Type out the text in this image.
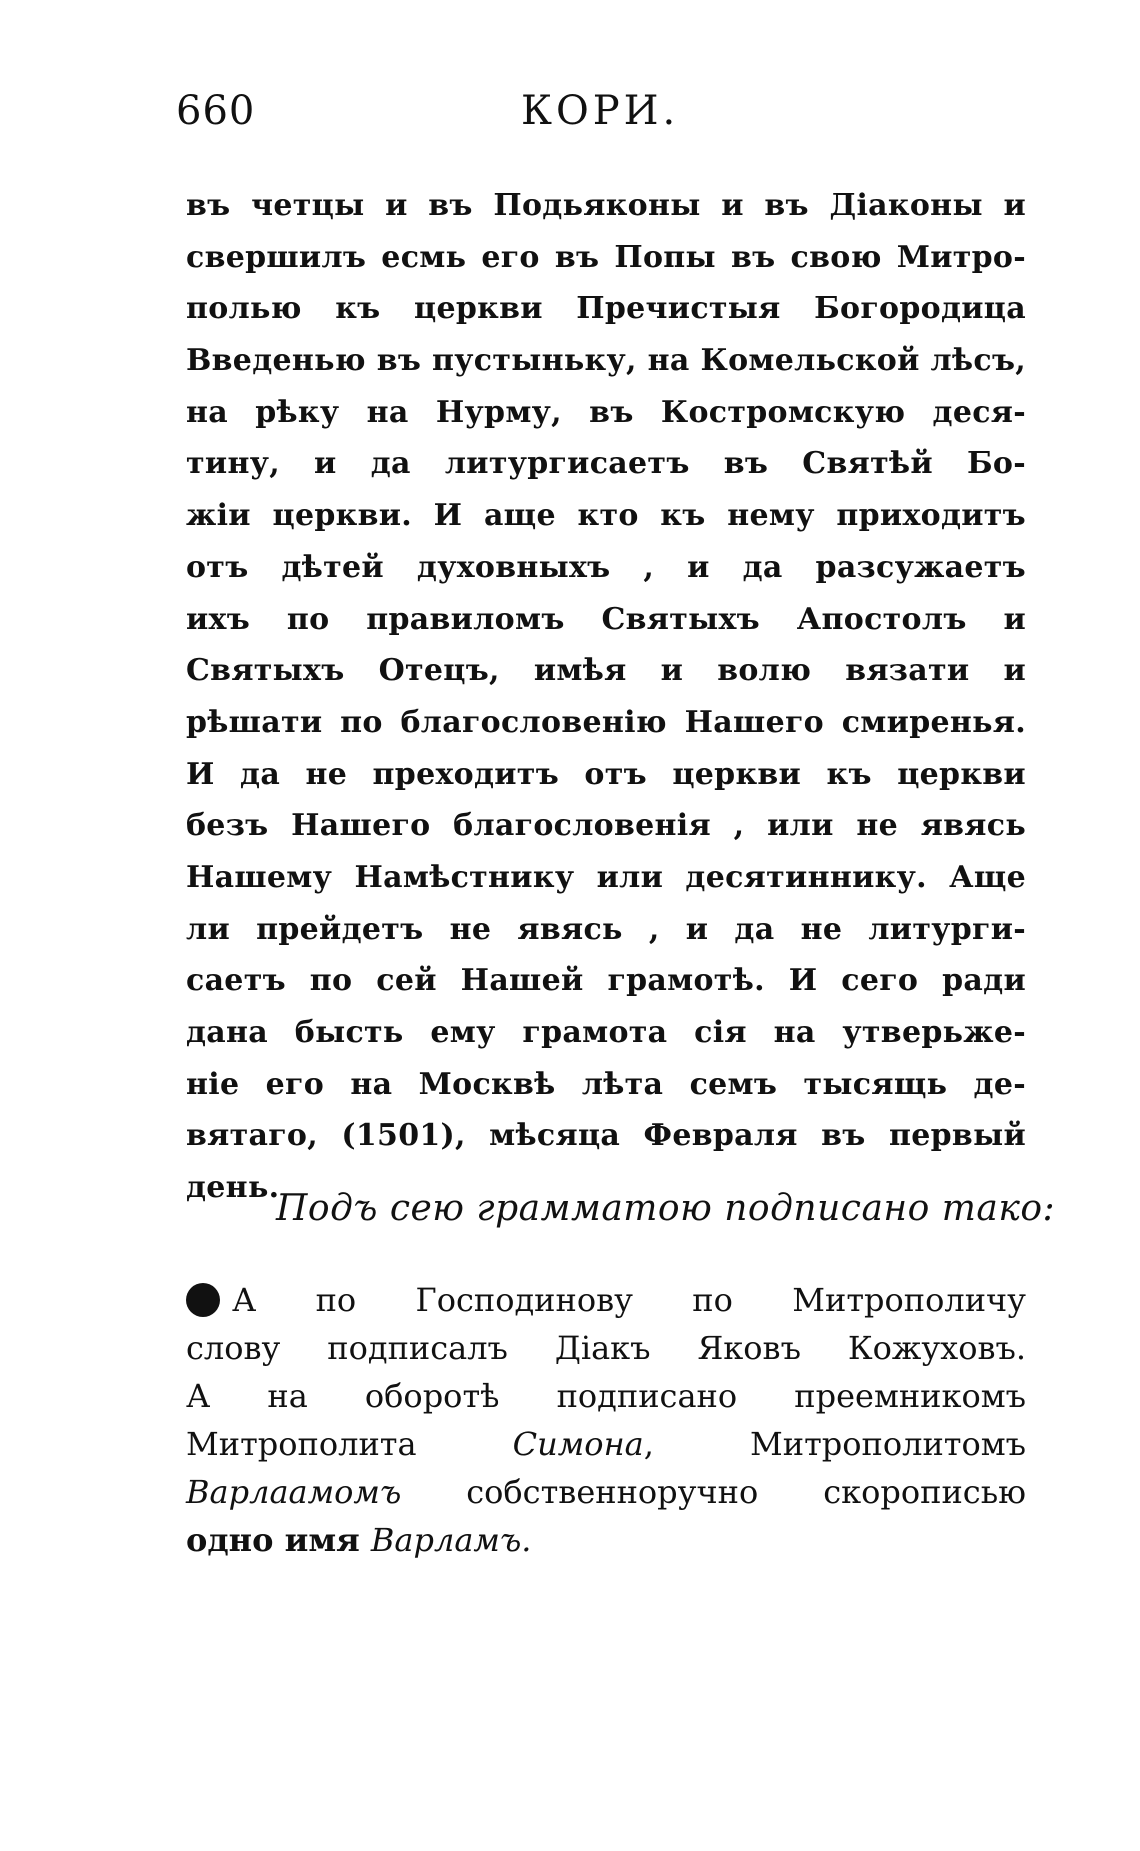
660	КОРИ.
въ четцы и въ Подьяконы и въ Діаконы и
свершилъ есмь его въ Попы въ свою Митро-
полью къ церкви Пречистыя Богородица
Введенью въ пустыньку, на Комельской лѣсъ,
на рѣку на Нурму, въ Костромскую деся-
тину, и да литургисаетъ въ Святѣй Бо-
жіи церкви. И аще кто къ нему приходитъ
отъ дѣтей духовныхъ , и да разсужаетъ
ихъ по правиломъ Святыхъ Апостолъ и
Святыхъ Отецъ, имѣя и волю вязати и
рѣшати по благословенію Нашего смиренья.
И да не преходитъ отъ церкви къ церкви
безъ Нашего благословенія , или не явясь
Нашему Намѣстнику или десятиннику. Аще
ли прейдетъ не явясь , и да не литурги-
саетъ по сей Нашей грамотѣ. И сего ради
дана бысть ему грамота сія на утверьже-
ніе его на Москвѣ лѣта семъ тысящь де-
вятаго, (1501), мѣсяца Февраля въ первый
день.
Подъ сею грамматою подписано тако:
А по Господинову по Митрополичу
слову подписалъ Діакъ Яковъ Кожуховъ.
А на оборотѣ подписано преемникомъ
Митрополита Симона, Митрополитомъ
Варлаамомъ собственноручно скорописью
одно имя Варламъ.
